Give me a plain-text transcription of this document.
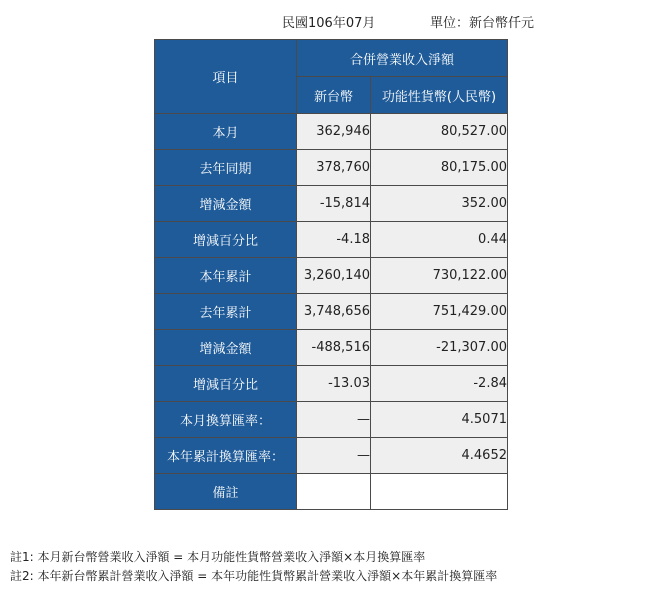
民國106年07月	單位：新台幣仟元
項目	合併營業收入淨額	
	新台幣	功能性貨幣(人民幣)
本月	362,946	80,527.00
去年同期	378,760	80,175.00
增減金額	-15,814	352.00
增減百分比	-4.18	0.44
本年累計	3,260,140	730,122.00
去年累計	3,748,656	751,429.00
增減金額	-488,516	-21,307.00
增減百分比	-13.03	-2.84
本月換算匯率：	—	4.5071
本年累計換算匯率：	—	4.4652
備註		
註1: 本月新台幣營業收入淨額 = 本月功能性貨幣營業收入淨額×本月換算匯率
註2: 本年新台幣累計營業收入淨額 = 本年功能性貨幣累計營業收入淨額×本年累計換算匯率
